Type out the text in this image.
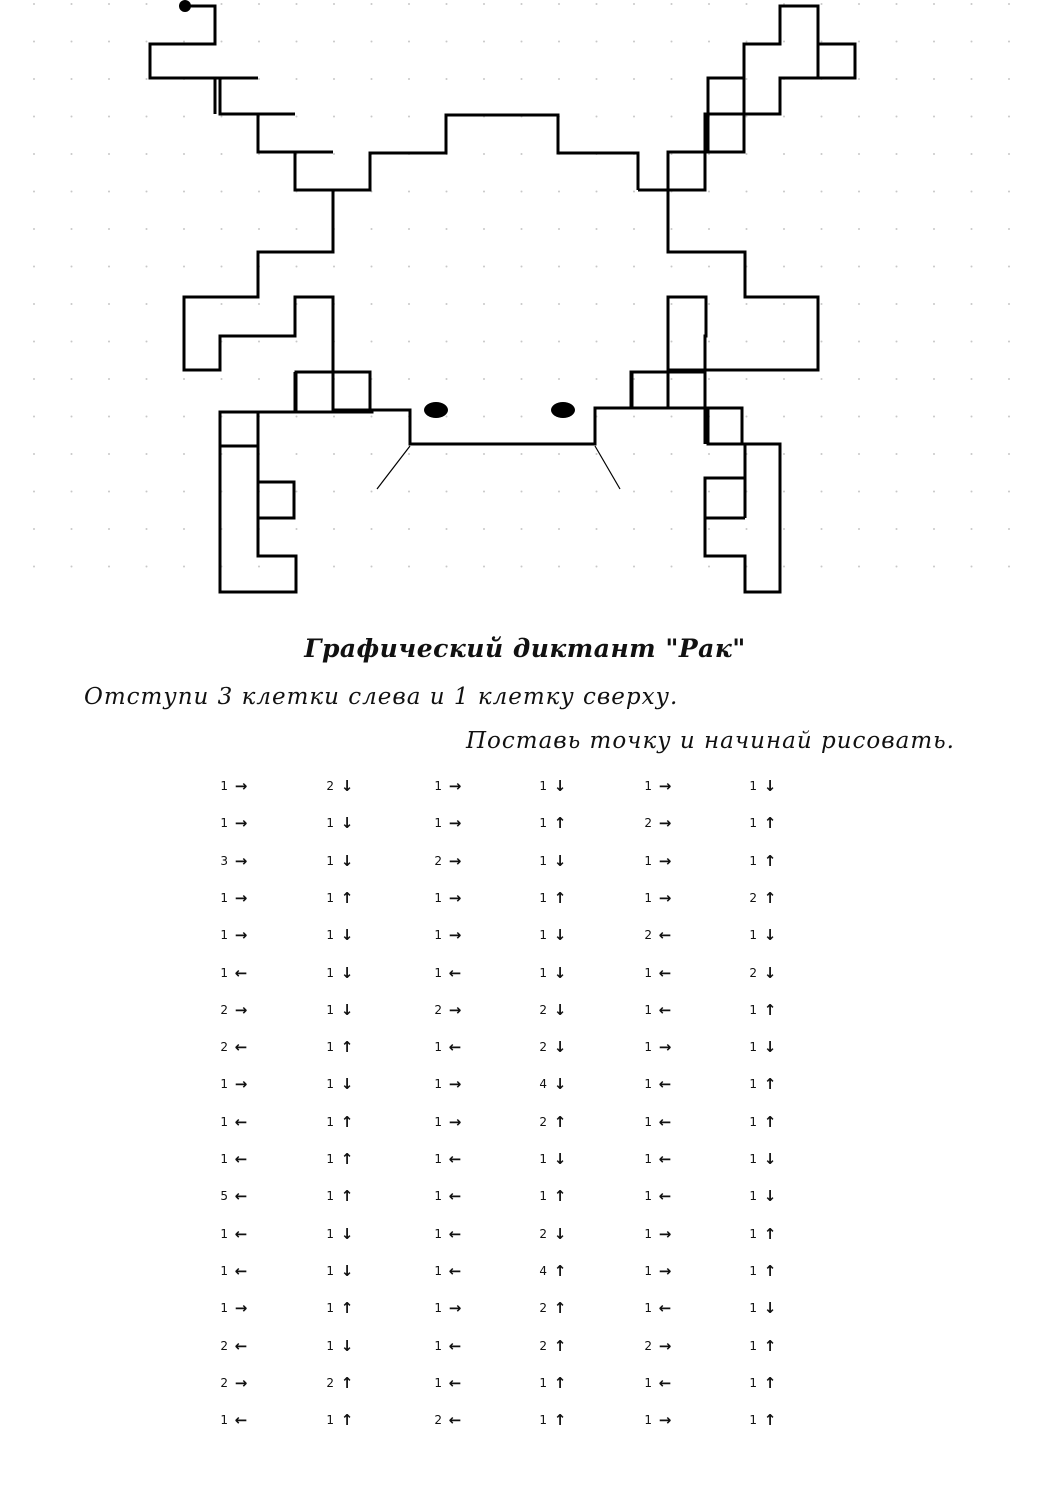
Графический диктант "Рак"
Отступи 3 клетки слева и 1 клетку сверху.
Поставь точку и начинай рисовать.
1 →
1 →
3 →
1 →
1 →
1 ←
2 →
2 ←
1 →
1 ←
1 ←
5 ←
1 ←
1 ←
1 →
2 ←
2 →
1 ←
2 ↓
1 ↓
1 ↓
1 ↑
1 ↓
1 ↓
1 ↓
1 ↑
1 ↓
1 ↑
1 ↑
1 ↑
1 ↓
1 ↓
1 ↑
1 ↓
2 ↑
1 ↑
1 →
1 →
2 →
1 →
1 →
1 ←
2 →
1 ←
1 →
1 →
1 ←
1 ←
1 ←
1 ←
1 →
1 ←
1 ←
2 ←
1 ↓
1 ↑
1 ↓
1 ↑
1 ↓
1 ↓
2 ↓
2 ↓
4 ↓
2 ↑
1 ↓
1 ↑
2 ↓
4 ↑
2 ↑
2 ↑
1 ↑
1 ↑
1 →
2 →
1 →
1 →
2 ←
1 ←
1 ←
1 →
1 ←
1 ←
1 ←
1 ←
1 →
1 →
1 ←
2 →
1 ←
1 →
1 ↓
1 ↑
1 ↑
2 ↑
1 ↓
2 ↓
1 ↑
1 ↓
1 ↑
1 ↑
1 ↓
1 ↓
1 ↑
1 ↑
1 ↓
1 ↑
1 ↑
1 ↑
